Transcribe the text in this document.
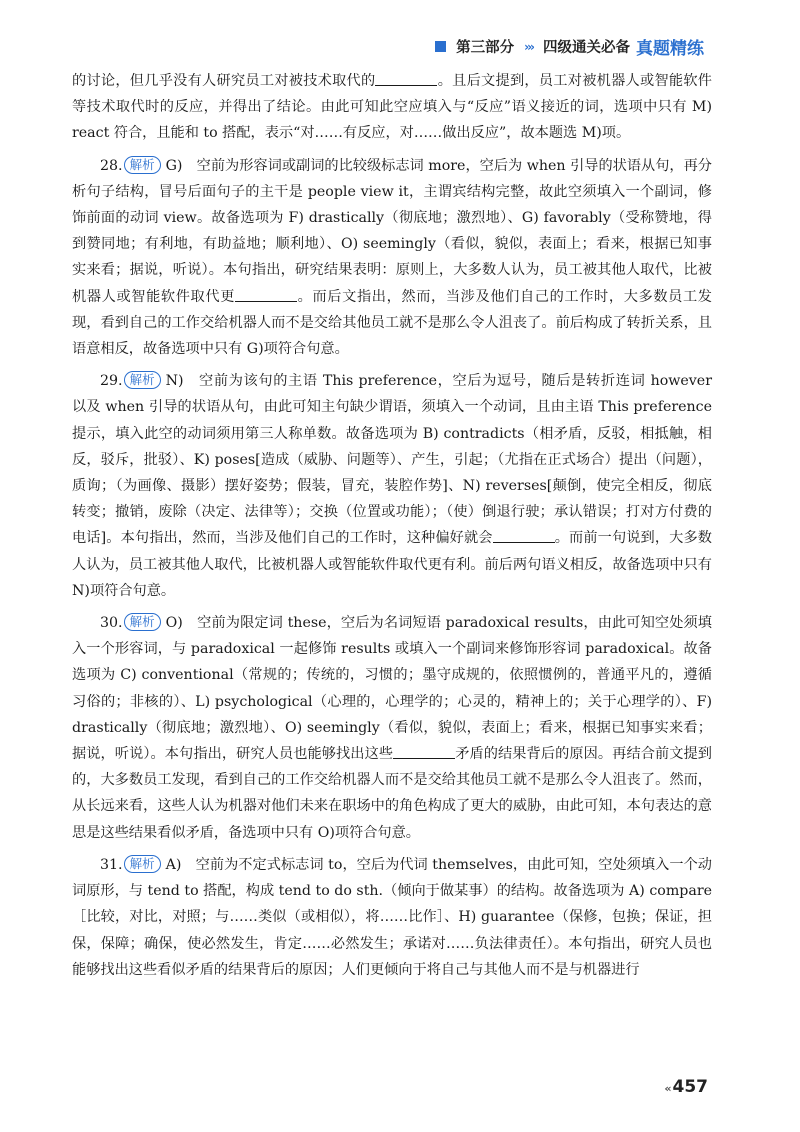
第三部分 ››› 四级通关必备 真题精练

的讨论，但几乎没有人研究员工对被技术取代的	。且后文提到，员工对被机器人或智能软件等技术取代时的反应，并得出了结论。由此可知此空应填入与“反应”语义接近的词，选项中只有 M) react 符合，且能和 to 搭配，表示“对……有反应，对……做出反应”，故本题选 M)项。

28. 解析 G)　空前为形容词或副词的比较级标志词 more，空后为 when 引导的状语从句，再分析句子结构，冒号后面句子的主干是 people view it，主谓宾结构完整，故此空须填入一个副词，修饰前面的动词 view。故备选项为 F) drastically（彻底地；激烈地）、G) favorably（受称赞地，得到赞同地；有利地，有助益地；顺利地）、O) seemingly（看似，貌似，表面上；看来，根据已知事实来看；据说，听说）。本句指出，研究结果表明：原则上，大多数人认为，员工被其他人取代，比被机器人或智能软件取代更	。而后文指出，然而，当涉及他们自己的工作时，大多数员工发现，看到自己的工作交给机器人而不是交给其他员工就不是那么令人沮丧了。前后构成了转折关系，且语意相反，故备选项中只有 G)项符合句意。

29. 解析 N)　空前为该句的主语 This preference，空后为逗号，随后是转折连词 however 以及 when 引导的状语从句，由此可知主句缺少谓语，须填入一个动词，且由主语 This preference 提示，填入此空的动词须用第三人称单数。故备选项为 B) contradicts（相矛盾，反驳，相抵触，相反，驳斥，批驳）、K) poses[造成（威胁、问题等）、产生，引起；（尤指在正式场合）提出（问题），质询；（为画像、摄影）摆好姿势；假装，冒充，装腔作势]、N) reverses[颠倒，使完全相反，彻底转变；撤销，废除（决定、法律等）；交换（位置或功能）；（使）倒退行驶；承认错误；打对方付费的电话]。本句指出，然而，当涉及他们自己的工作时，这种偏好就会	。而前一句说到，大多数人认为，员工被其他人取代，比被机器人或智能软件取代更有利。前后两句语义相反，故备选项中只有 N)项符合句意。

30. 解析 O)　空前为限定词 these，空后为名词短语 paradoxical results，由此可知空处须填入一个形容词，与 paradoxical 一起修饰 results 或填入一个副词来修饰形容词 paradoxical。故备选项为 C) conventional（常规的；传统的，习惯的；墨守成规的，依照惯例的，普通平凡的，遵循习俗的；非核的）、L) psychological（心理的，心理学的；心灵的，精神上的；关于心理学的）、F) drastically（彻底地；激烈地）、O) seemingly（看似，貌似，表面上；看来，根据已知事实来看；据说，听说）。本句指出，研究人员也能够找出这些	矛盾的结果背后的原因。再结合前文提到的，大多数员工发现，看到自己的工作交给机器人而不是交给其他员工就不是那么令人沮丧了。然而，从长远来看，这些人认为机器对他们未来在职场中的角色构成了更大的威胁，由此可知，本句表达的意思是这些结果看似矛盾，备选项中只有 O)项符合句意。

31. 解析 A)　空前为不定式标志词 to，空后为代词 themselves，由此可知，空处须填入一个动词原形，与 tend to 搭配，构成 tend to do sth.（倾向于做某事）的结构。故备选项为 A) compare［比较，对比，对照；与……类似（或相似），将……比作］、H) guarantee（保修，包换；保证，担保，保障；确保，使必然发生，肯定……必然发生；承诺对……负法律责任）。本句指出，研究人员也能够找出这些看似矛盾的结果背后的原因；人们更倾向于将自己与其他人而不是与机器进行

‹‹ 457
